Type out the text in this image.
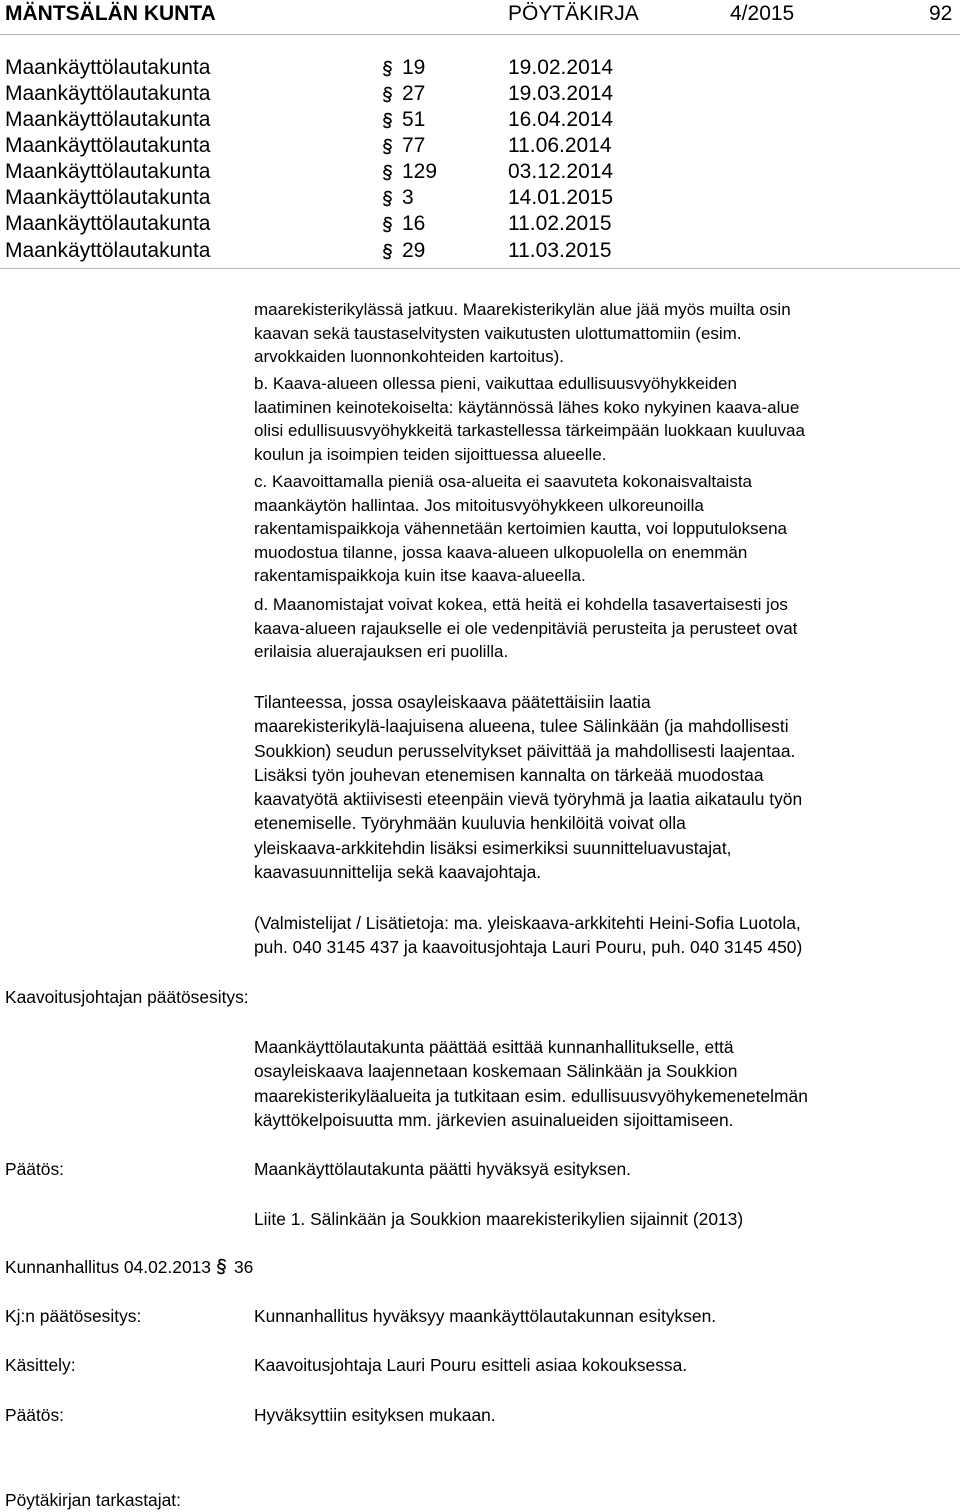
MÄNTSÄLÄN KUNTA	PÖYTÄKIRJA	4/2015	92
Maankäyttölautakunta	19	19.02.2014
Maankäyttölautakunta	27	19.03.2014
Maankäyttölautakunta	51	16.04.2014
Maankäyttölautakunta	77	11.06.2014
Maankäyttölautakunta	129	03.12.2014
Maankäyttölautakunta	3	14.01.2015
Maankäyttölautakunta	16	11.02.2015
Maankäyttölautakunta	29	11.03.2015
maarekisterikylässä jatkuu. Maarekisterikylän alue jää myös muilta osin
kaavan sekä taustaselvitysten vaikutusten ulottumattomiin (esim.
arvokkaiden luonnonkohteiden kartoitus).
b. Kaava-alueen ollessa pieni, vaikuttaa edullisuusvyöhykkeiden
laatiminen keinotekoiselta: käytännössä lähes koko nykyinen kaava-alue
olisi edullisuusvyöhykkeitä tarkastellessa tärkeimpään luokkaan kuuluvaa
koulun ja isoimpien teiden sijoittuessa alueelle.
c. Kaavoittamalla pieniä osa-alueita ei saavuteta kokonaisvaltaista
maankäytön hallintaa. Jos mitoitusvyöhykkeen ulkoreunoilla
rakentamispaikkoja vähennetään kertoimien kautta, voi lopputuloksena
muodostua tilanne, jossa kaava-alueen ulkopuolella on enemmän
rakentamispaikkoja kuin itse kaava-alueella.
d. Maanomistajat voivat kokea, että heitä ei kohdella tasavertaisesti jos
kaava-alueen rajaukselle ei ole vedenpitäviä perusteita ja perusteet ovat
erilaisia aluerajauksen eri puolilla.
Tilanteessa, jossa osayleiskaava päätettäisiin laatia
maarekisterikylä-laajuisena alueena, tulee Sälinkään (ja mahdollisesti
Soukkion) seudun perusselvitykset päivittää ja mahdollisesti laajentaa.
Lisäksi työn jouhevan etenemisen kannalta on tärkeää muodostaa
kaavatyötä aktiivisesti eteenpäin vievä työryhmä ja laatia aikataulu työn
etenemiselle. Työryhmään kuuluvia henkilöitä voivat olla
yleiskaava-arkkitehdin lisäksi esimerkiksi suunnitteluavustajat,
kaavasuunnittelija sekä kaavajohtaja.
(Valmistelijat / Lisätietoja: ma. yleiskaava-arkkitehti Heini-Sofia Luotola,
puh. 040 3145 437 ja kaavoitusjohtaja Lauri Pouru, puh. 040 3145 450)
Kaavoitusjohtajan päätösesitys:
Maankäyttölautakunta päättää esittää kunnanhallitukselle, että
osayleiskaava laajennetaan koskemaan Sälinkään ja Soukkion
maarekisterikyläalueita ja tutkitaan esim. edullisuusvyöhykemenetelmän
käyttökelpoisuutta mm. järkevien asuinalueiden sijoittamiseen.
Päätös:	Maankäyttölautakunta päätti hyväksyä esityksen.
Liite 1. Sälinkään ja Soukkion maarekisterikylien sijainnit (2013)
Kunnanhallitus 04.02.2013 36
Kj:n päätösesitys:	Kunnanhallitus hyväksyy maankäyttölautakunnan esityksen.
Käsittely:	Kaavoitusjohtaja Lauri Pouru esitteli asiaa kokouksessa.
Päätös:	Hyväksyttiin esityksen mukaan.
Pöytäkirjan tarkastajat:
